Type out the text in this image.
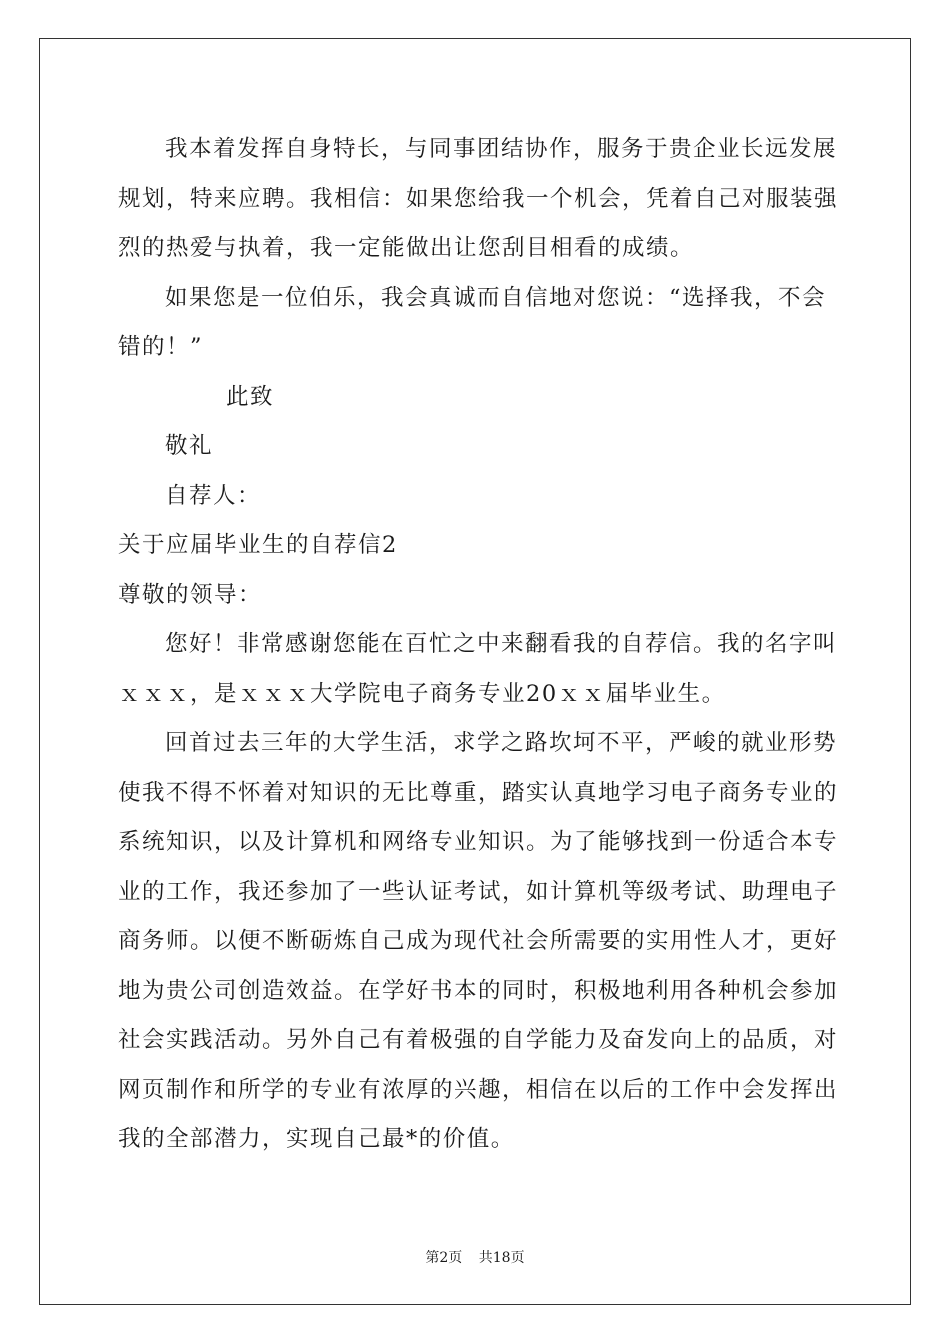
我本着发挥自身特长，与同事团结协作，服务于贵企业长远发展
规划，特来应聘。我相信：如果您给我一个机会，凭着自己对服装强
烈的热爱与执着，我一定能做出让您刮目相看的成绩。
如果您是一位伯乐，我会真诚而自信地对您说：“选择我，不会
错的！”
此致
敬礼
自荐人：
关于应届毕业生的自荐信2
尊敬的领导：
您好！非常感谢您能在百忙之中来翻看我的自荐信。我的名字叫
ｘｘｘ，是ｘｘｘ大学院电子商务专业20ｘｘ届毕业生。
回首过去三年的大学生活，求学之路坎坷不平，严峻的就业形势
使我不得不怀着对知识的无比尊重，踏实认真地学习电子商务专业的
系统知识，以及计算机和网络专业知识。为了能够找到一份适合本专
业的工作，我还参加了一些认证考试，如计算机等级考试、助理电子
商务师。以便不断砺炼自己成为现代社会所需要的实用性人才，更好
地为贵公司创造效益。在学好书本的同时，积极地利用各种机会参加
社会实践活动。另外自己有着极强的自学能力及奋发向上的品质，对
网页制作和所学的专业有浓厚的兴趣，相信在以后的工作中会发挥出
我的全部潜力，实现自己最*的价值。
第2页 共18页
